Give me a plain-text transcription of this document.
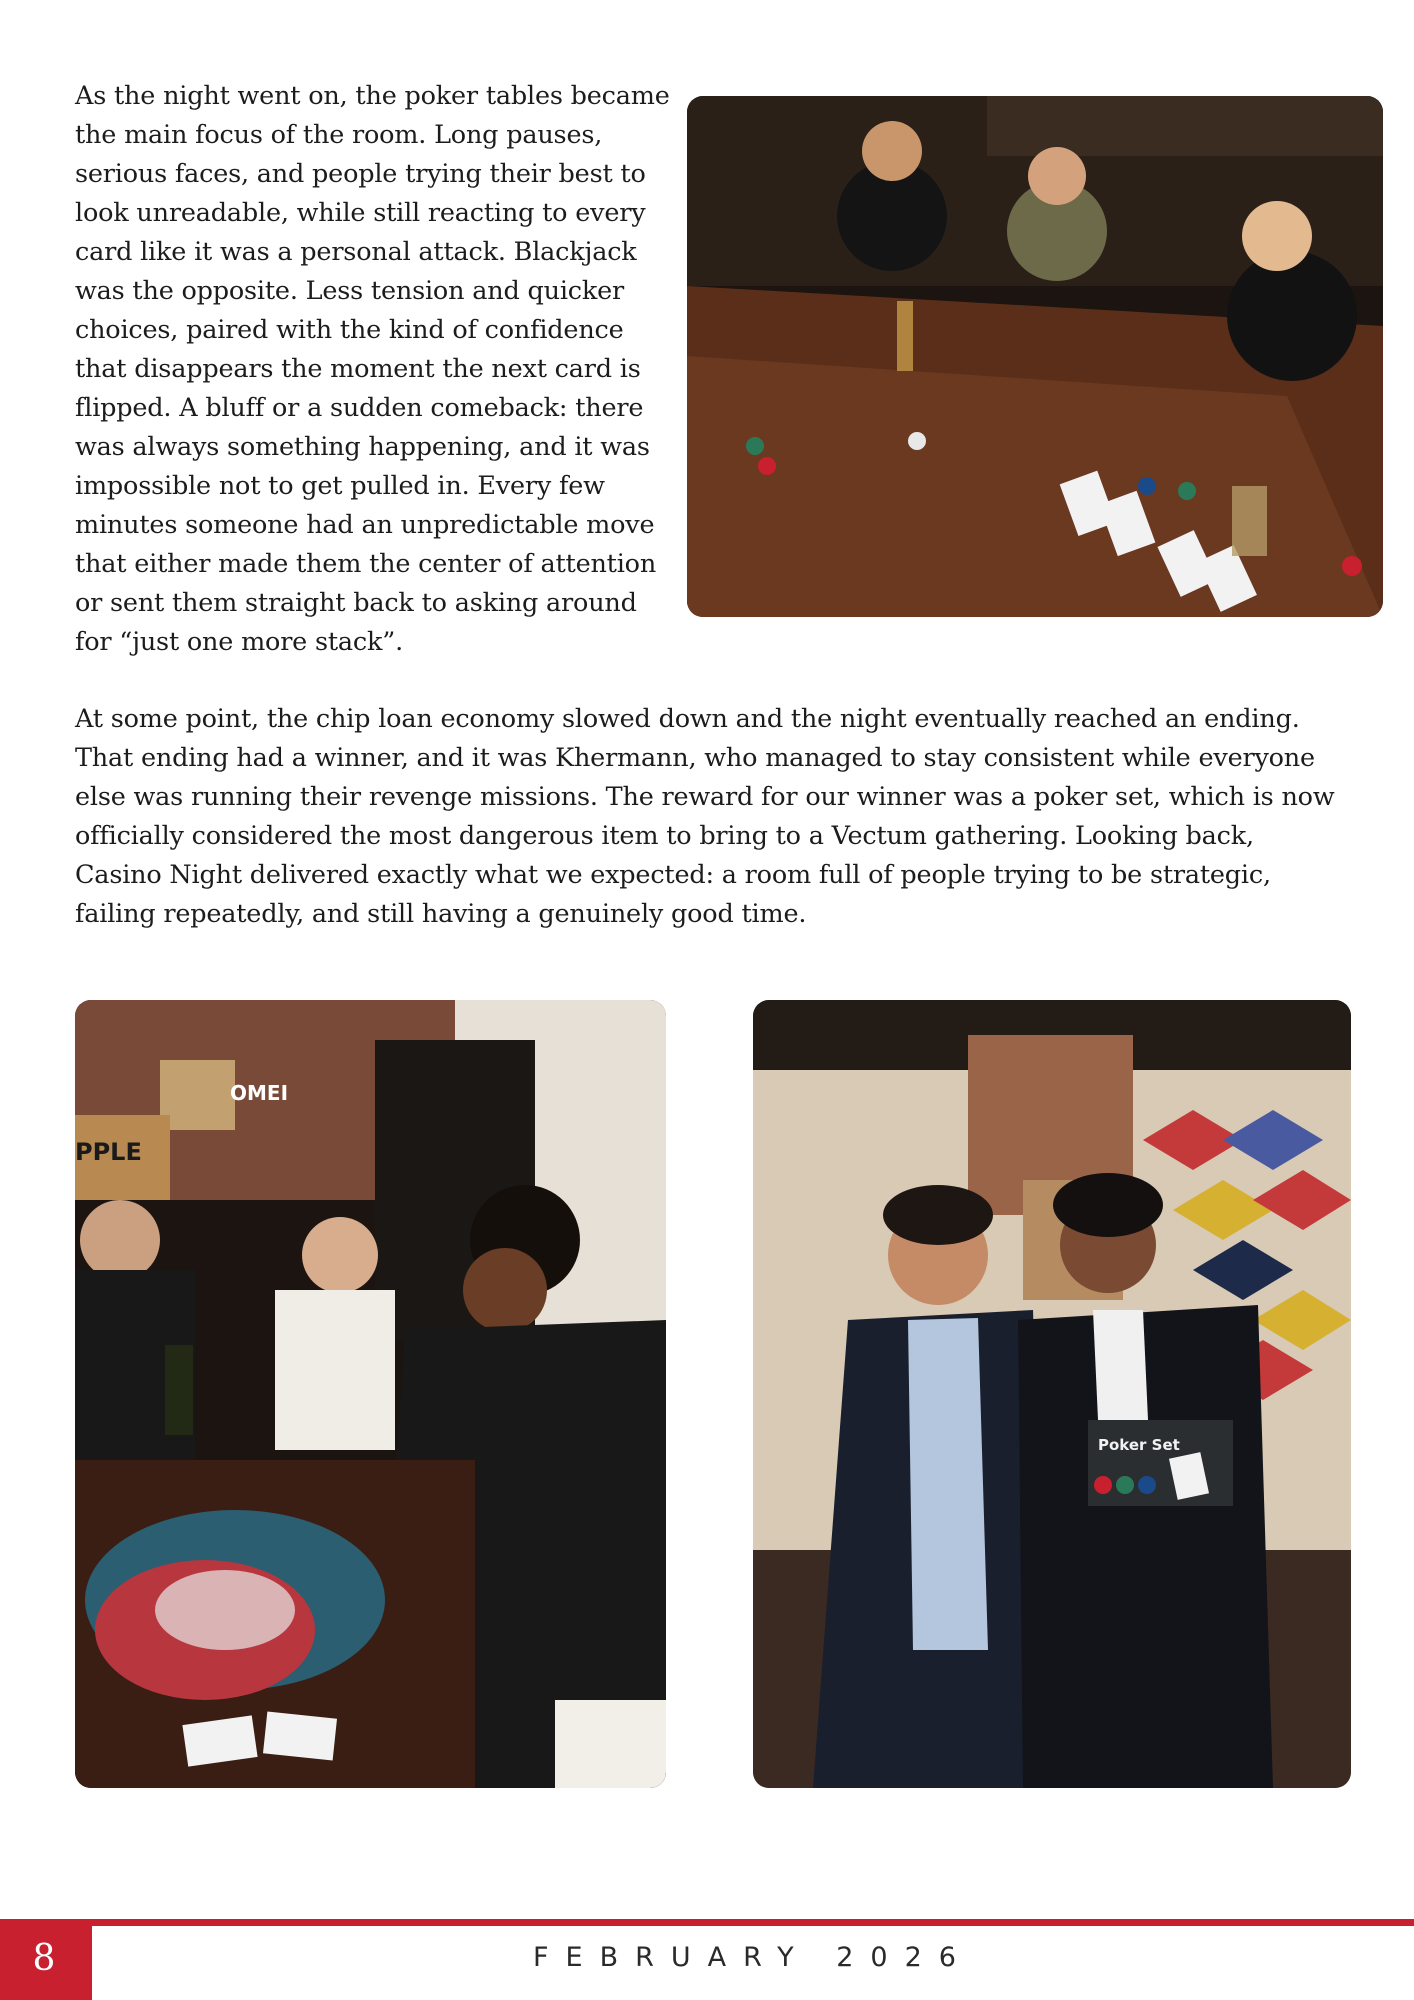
As the night went on, the poker tables became the main focus of the room. Long pauses, serious faces, and people trying their best to look unreadable, while still reacting to every card like it was a personal attack. Blackjack was the opposite. Less tension and quicker choices, paired with the kind of confidence that disappears the moment the next card is flipped. A bluff or a sudden comeback: there was always something happening, and it was impossible not to get pulled in. Every few minutes someone had an unpredictable move that either made them the center of attention or sent them straight back to asking around for “just one more stack”.

At some point, the chip loan economy slowed down and the night eventually reached an ending. That ending had a winner, and it was Khermann, who managed to stay consistent while everyone else was running their revenge missions. The reward for our winner was a poker set, which is now officially considered the most dangerous item to bring to a Vectum gathering. Looking back, Casino Night delivered exactly what we expected: a room full of people trying to be strategic, failing repeatedly, and still having a genuinely good time.

OMEI
PPLE
Poker Set
8	FEBRUARY 2026
